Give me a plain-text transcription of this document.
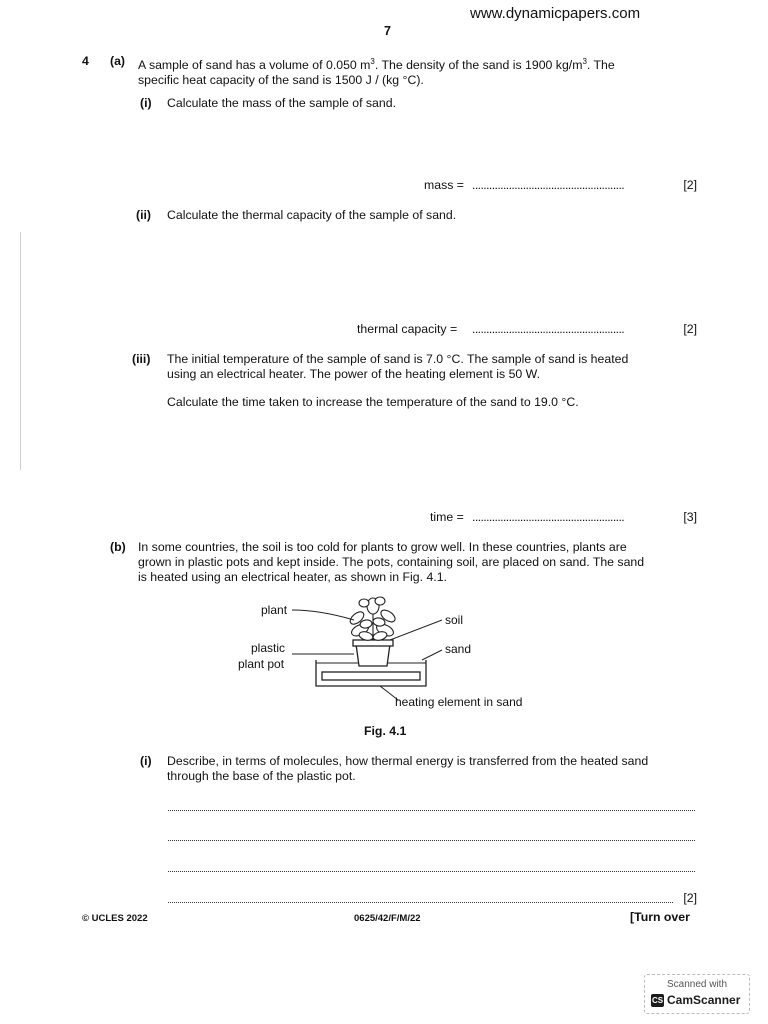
www.dynamicpapers.com
7
4 (a) A sample of sand has a volume of 0.050 $m^3$. The density of the sand is 1900 $kg/m^3$. The
specific heat capacity of the sand is 1500 J / (kg °C).
(i) Calculate the mass of the sample of sand.
mass = ......................................................	[2]
(ii) Calculate the thermal capacity of the sample of sand.
thermal capacity = ......................................................	[2]
(iii) The initial temperature of the sample of sand is 7.0 °C. The sample of sand is heated
using an electrical heater. The power of the heating element is 50 W.
Calculate the time taken to increase the temperature of the sand to 19.0 °C.
time = ......................................................	[3]
(b) In some countries, the soil is too cold for plants to grow well. In these countries, plants are
grown in plastic pots and kept inside. The pots, containing soil, are placed on sand. The sand
is heated using an electrical heater, as shown in Fig. 4.1.
plant
soil
plastic
plant pot
sand
heating element in sand
Fig. 4.1
(i) Describe, in terms of molecules, how thermal energy is transferred from the heated sand
through the base of the plastic pot.
[2]
© UCLES 2022	0625/42/F/M/22	[Turn over
Scanned with
CS CamScanner
